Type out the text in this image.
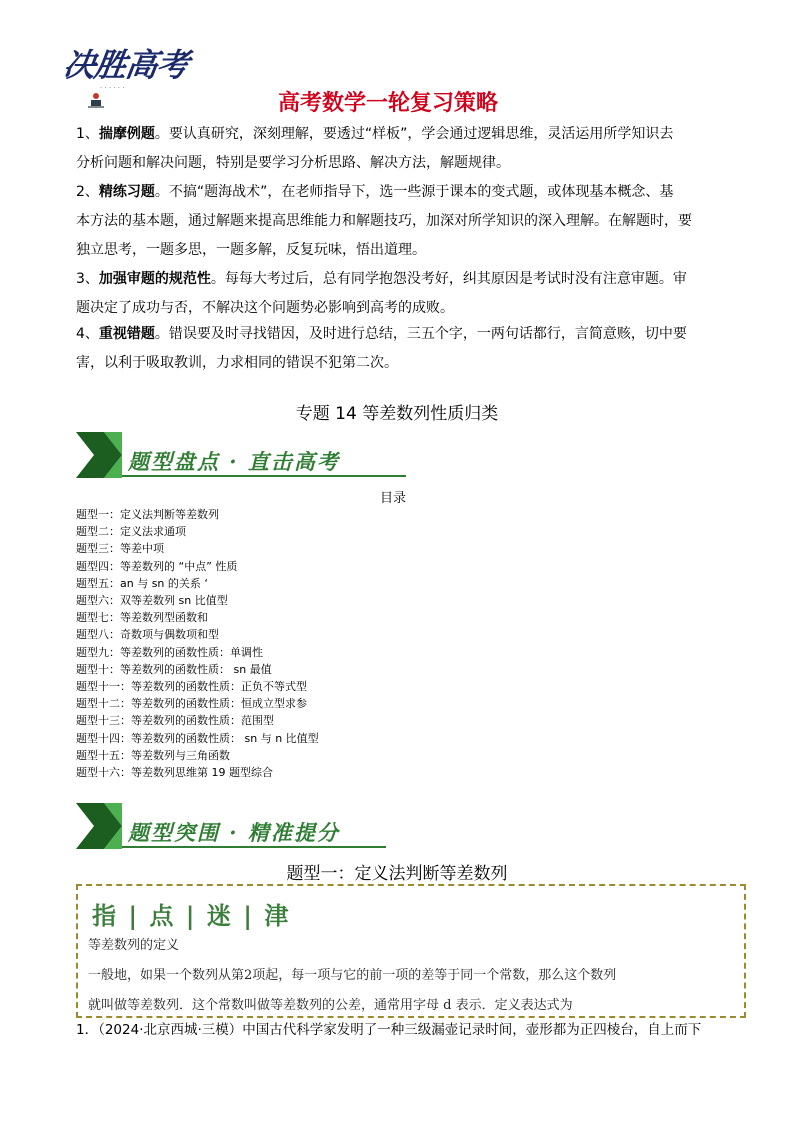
决胜高考
· · · · · ·
高考数学一轮复习策略
1、揣摩例题。要认真研究，深刻理解，要透过“样板”，学会通过逻辑思维，灵活运用所学知识去
分析问题和解决问题，特别是要学习分析思路、解决方法，解题规律。
2、精练习题。不搞“题海战术”，在老师指导下，选一些源于课本的变式题，或体现基本概念、基
本方法的基本题，通过解题来提高思维能力和解题技巧，加深对所学知识的深入理解。在解题时，要
独立思考，一题多思，一题多解，反复玩味，悟出道理。
3、加强审题的规范性。每每大考过后，总有同学抱怨没考好，纠其原因是考试时没有注意审题。审
题决定了成功与否，不解决这个问题势必影响到高考的成败。
4、重视错题。错误要及时寻找错因，及时进行总结，三五个字，一两句话都行，言简意赅，切中要
害，以利于吸取教训，力求相同的错误不犯第二次。
专题 14 等差数列性质归类
题型盘点 · 直击高考
目录
题型一：定义法判断等差数列
题型二：定义法求通项
题型三：等差中项
题型四：等差数列的 “中点” 性质
题型五：an 与 sn 的关系 ‘
题型六：双等差数列 sn 比值型
题型七：等差数列型函数和
题型八：奇数项与偶数项和型
题型九：等差数列的函数性质：单调性
题型十：等差数列的函数性质： sn 最值
题型十一：等差数列的函数性质：正负不等式型
题型十二：等差数列的函数性质：恒成立型求参
题型十三：等差数列的函数性质：范围型
题型十四：等差数列的函数性质： sn 与 n 比值型
题型十五：等差数列与三角函数
题型十六：等差数列思维第 19 题型综合
题型突围 · 精准提分
题型一：定义法判断等差数列
指 | 点 | 迷 | 津
等差数列的定义
一般地，如果一个数列从第2项起，每一项与它的前一项的差等于同一个常数，那么这个数列
就叫做等差数列．这个常数叫做等差数列的公差，通常用字母 d 表示．定义表达式为
1．（2024·北京西城·三模）中国古代科学家发明了一种三级漏壶记录时间，壶形都为正四棱台，自上而下
